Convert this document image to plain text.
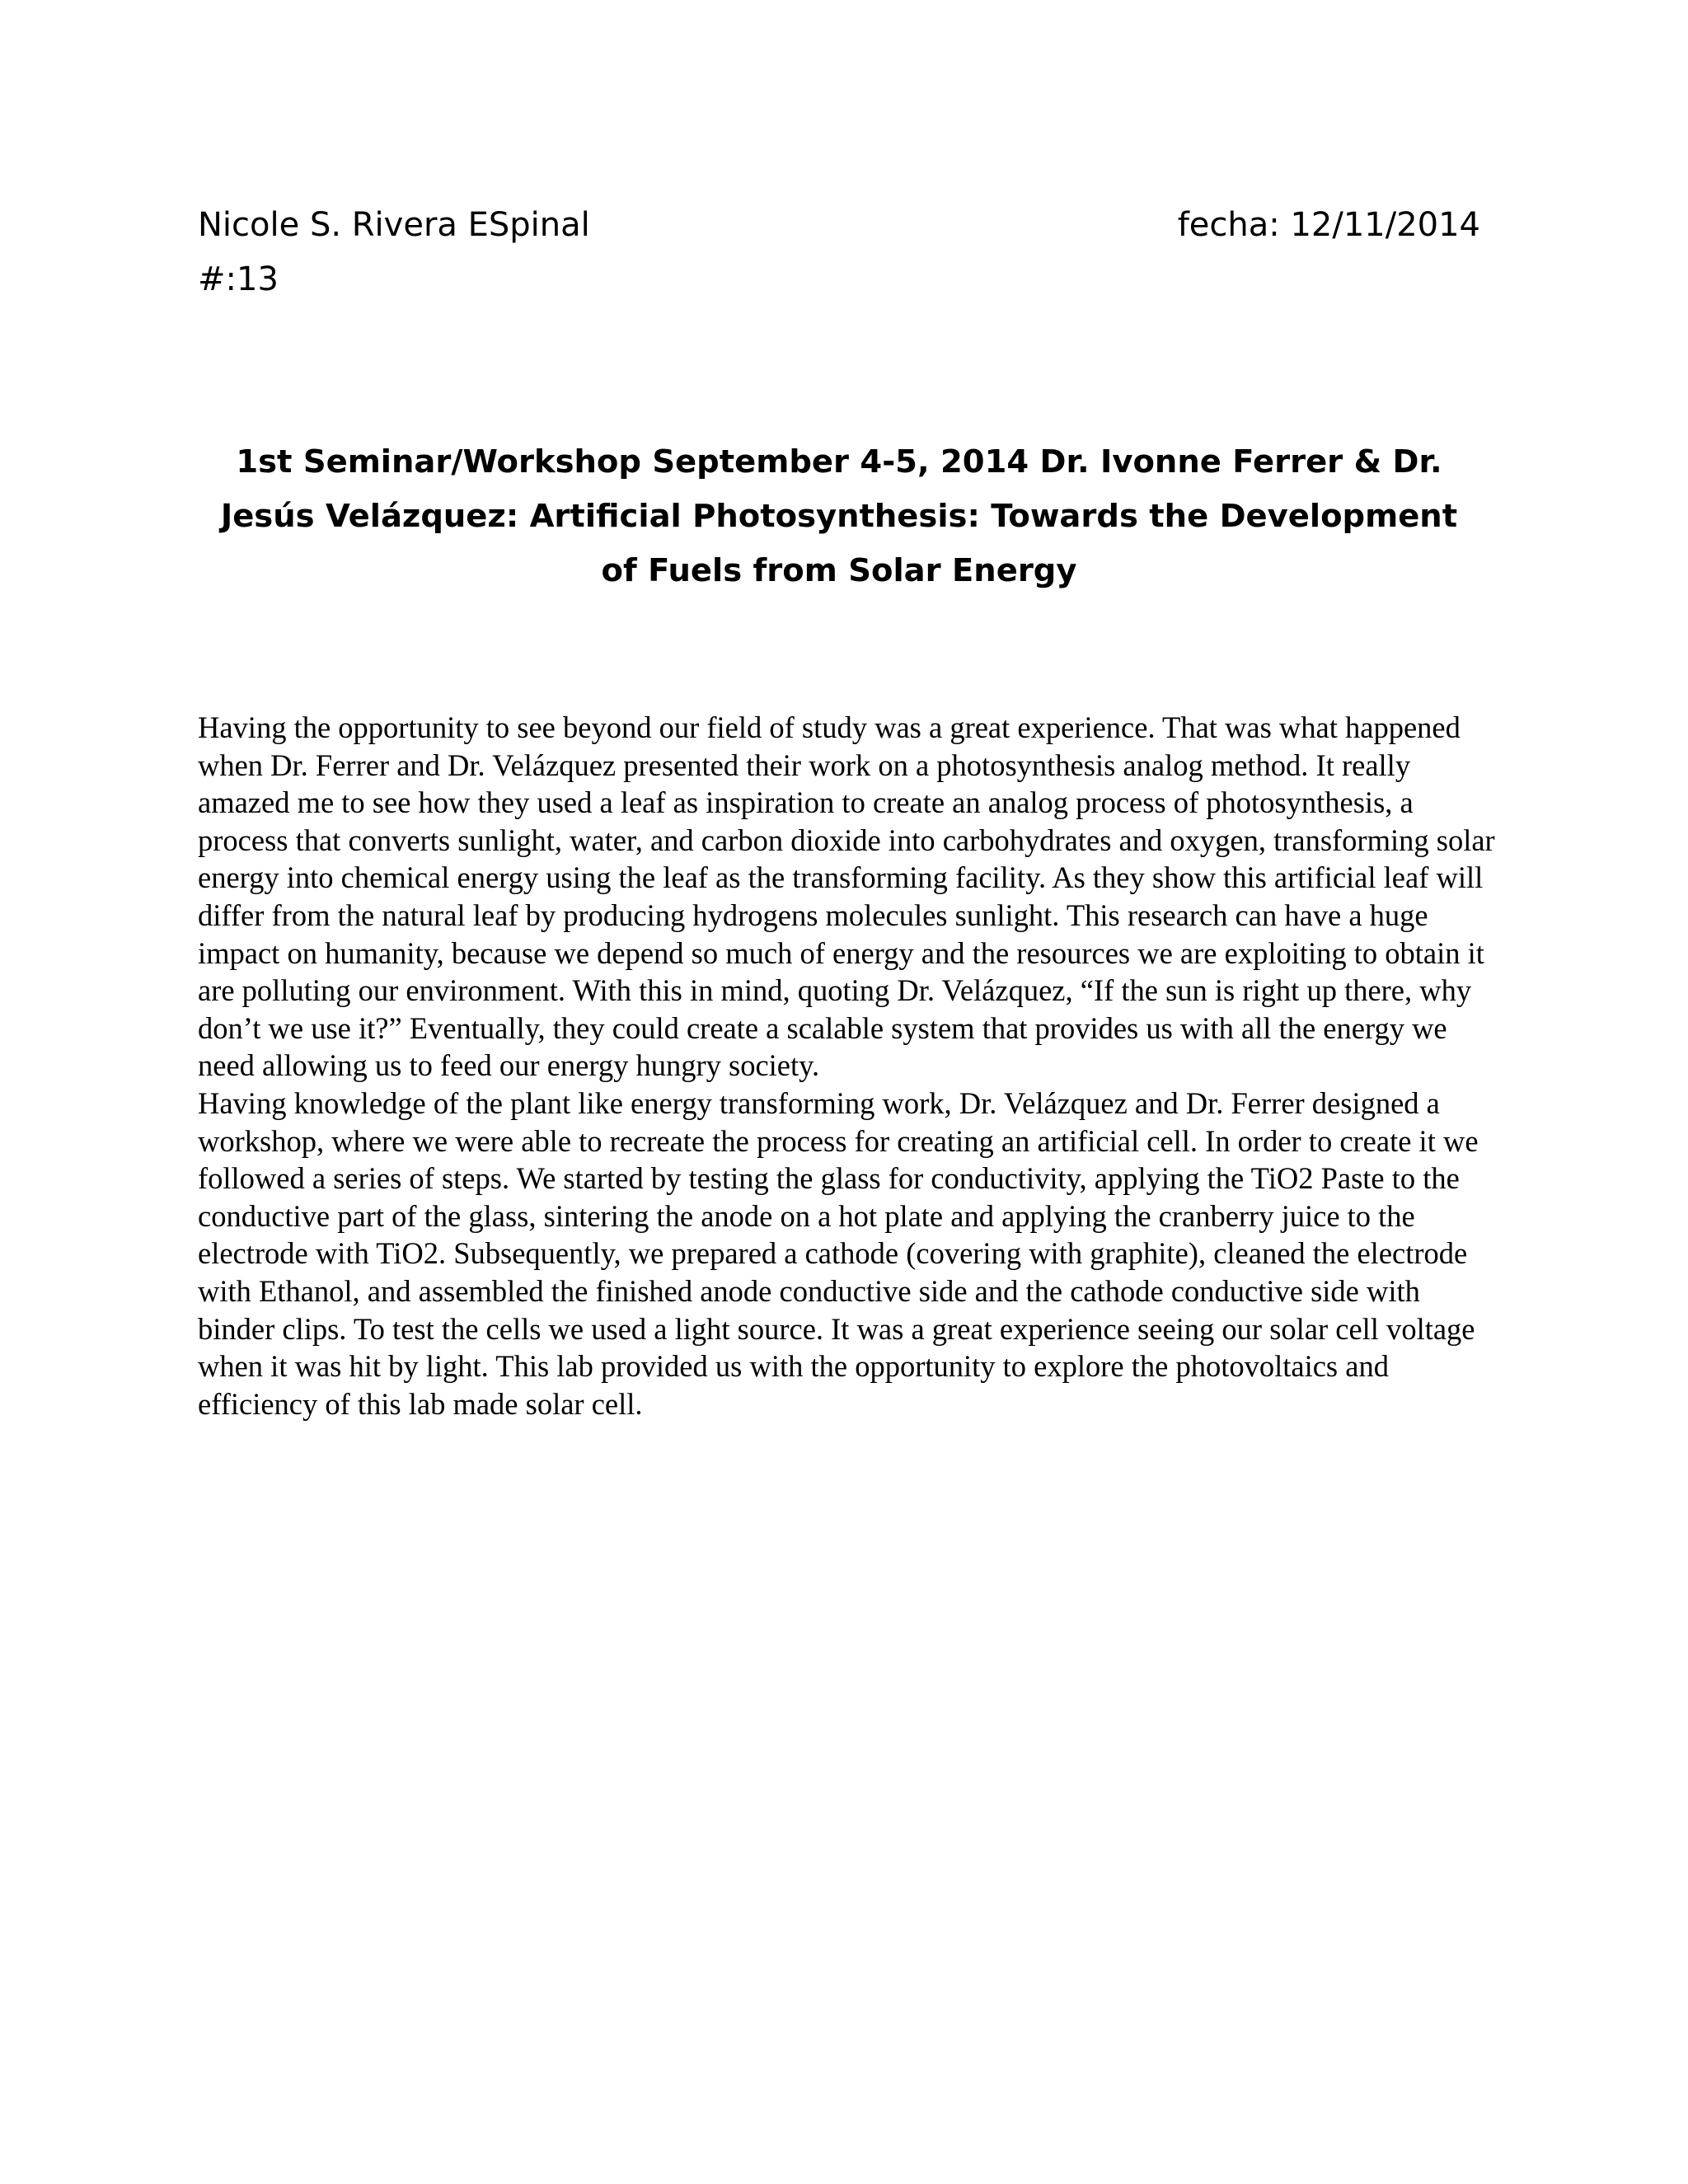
Nicole S. Rivera ESpinal	fecha: 12/11/2014
#:13
1st Seminar/Workshop September 4-5, 2014 Dr. Ivonne Ferrer & Dr. Jesús Velázquez: Artificial Photosynthesis: Towards the Development of Fuels from Solar Energy

Having the opportunity to see beyond our field of study was a great experience. That was what happened when Dr. Ferrer and Dr. Velázquez presented their work on a photosynthesis analog method. It really amazed me to see how they used a leaf as inspiration to create an analog process of photosynthesis, a process that converts sunlight, water, and carbon dioxide into carbohydrates and oxygen, transforming solar energy into chemical energy using the leaf as the transforming facility. As they show this artificial leaf will differ from the natural leaf by producing hydrogens molecules sunlight. This research can have a huge impact on humanity, because we depend so much of energy and the resources we are exploiting to obtain it are polluting our environment. With this in mind, quoting Dr. Velázquez, “If the sun is right up there, why don’t we use it?” Eventually, they could create a scalable system that provides us with all the energy we need allowing us to feed our energy hungry society.

Having knowledge of the plant like energy transforming work, Dr. Velázquez and Dr. Ferrer designed a workshop, where we were able to recreate the process for creating an artificial cell. In order to create it we followed a series of steps. We started by testing the glass for conductivity, applying the TiO2 Paste to the conductive part of the glass, sintering the anode on a hot plate and applying the cranberry juice to the electrode with TiO2. Subsequently, we prepared a cathode (covering with graphite), cleaned the electrode with Ethanol, and assembled the finished anode conductive side and the cathode conductive side with binder clips. To test the cells we used a light source. It was a great experience seeing our solar cell voltage when it was hit by light. This lab provided us with the opportunity to explore the photovoltaics and efficiency of this lab made solar cell.
